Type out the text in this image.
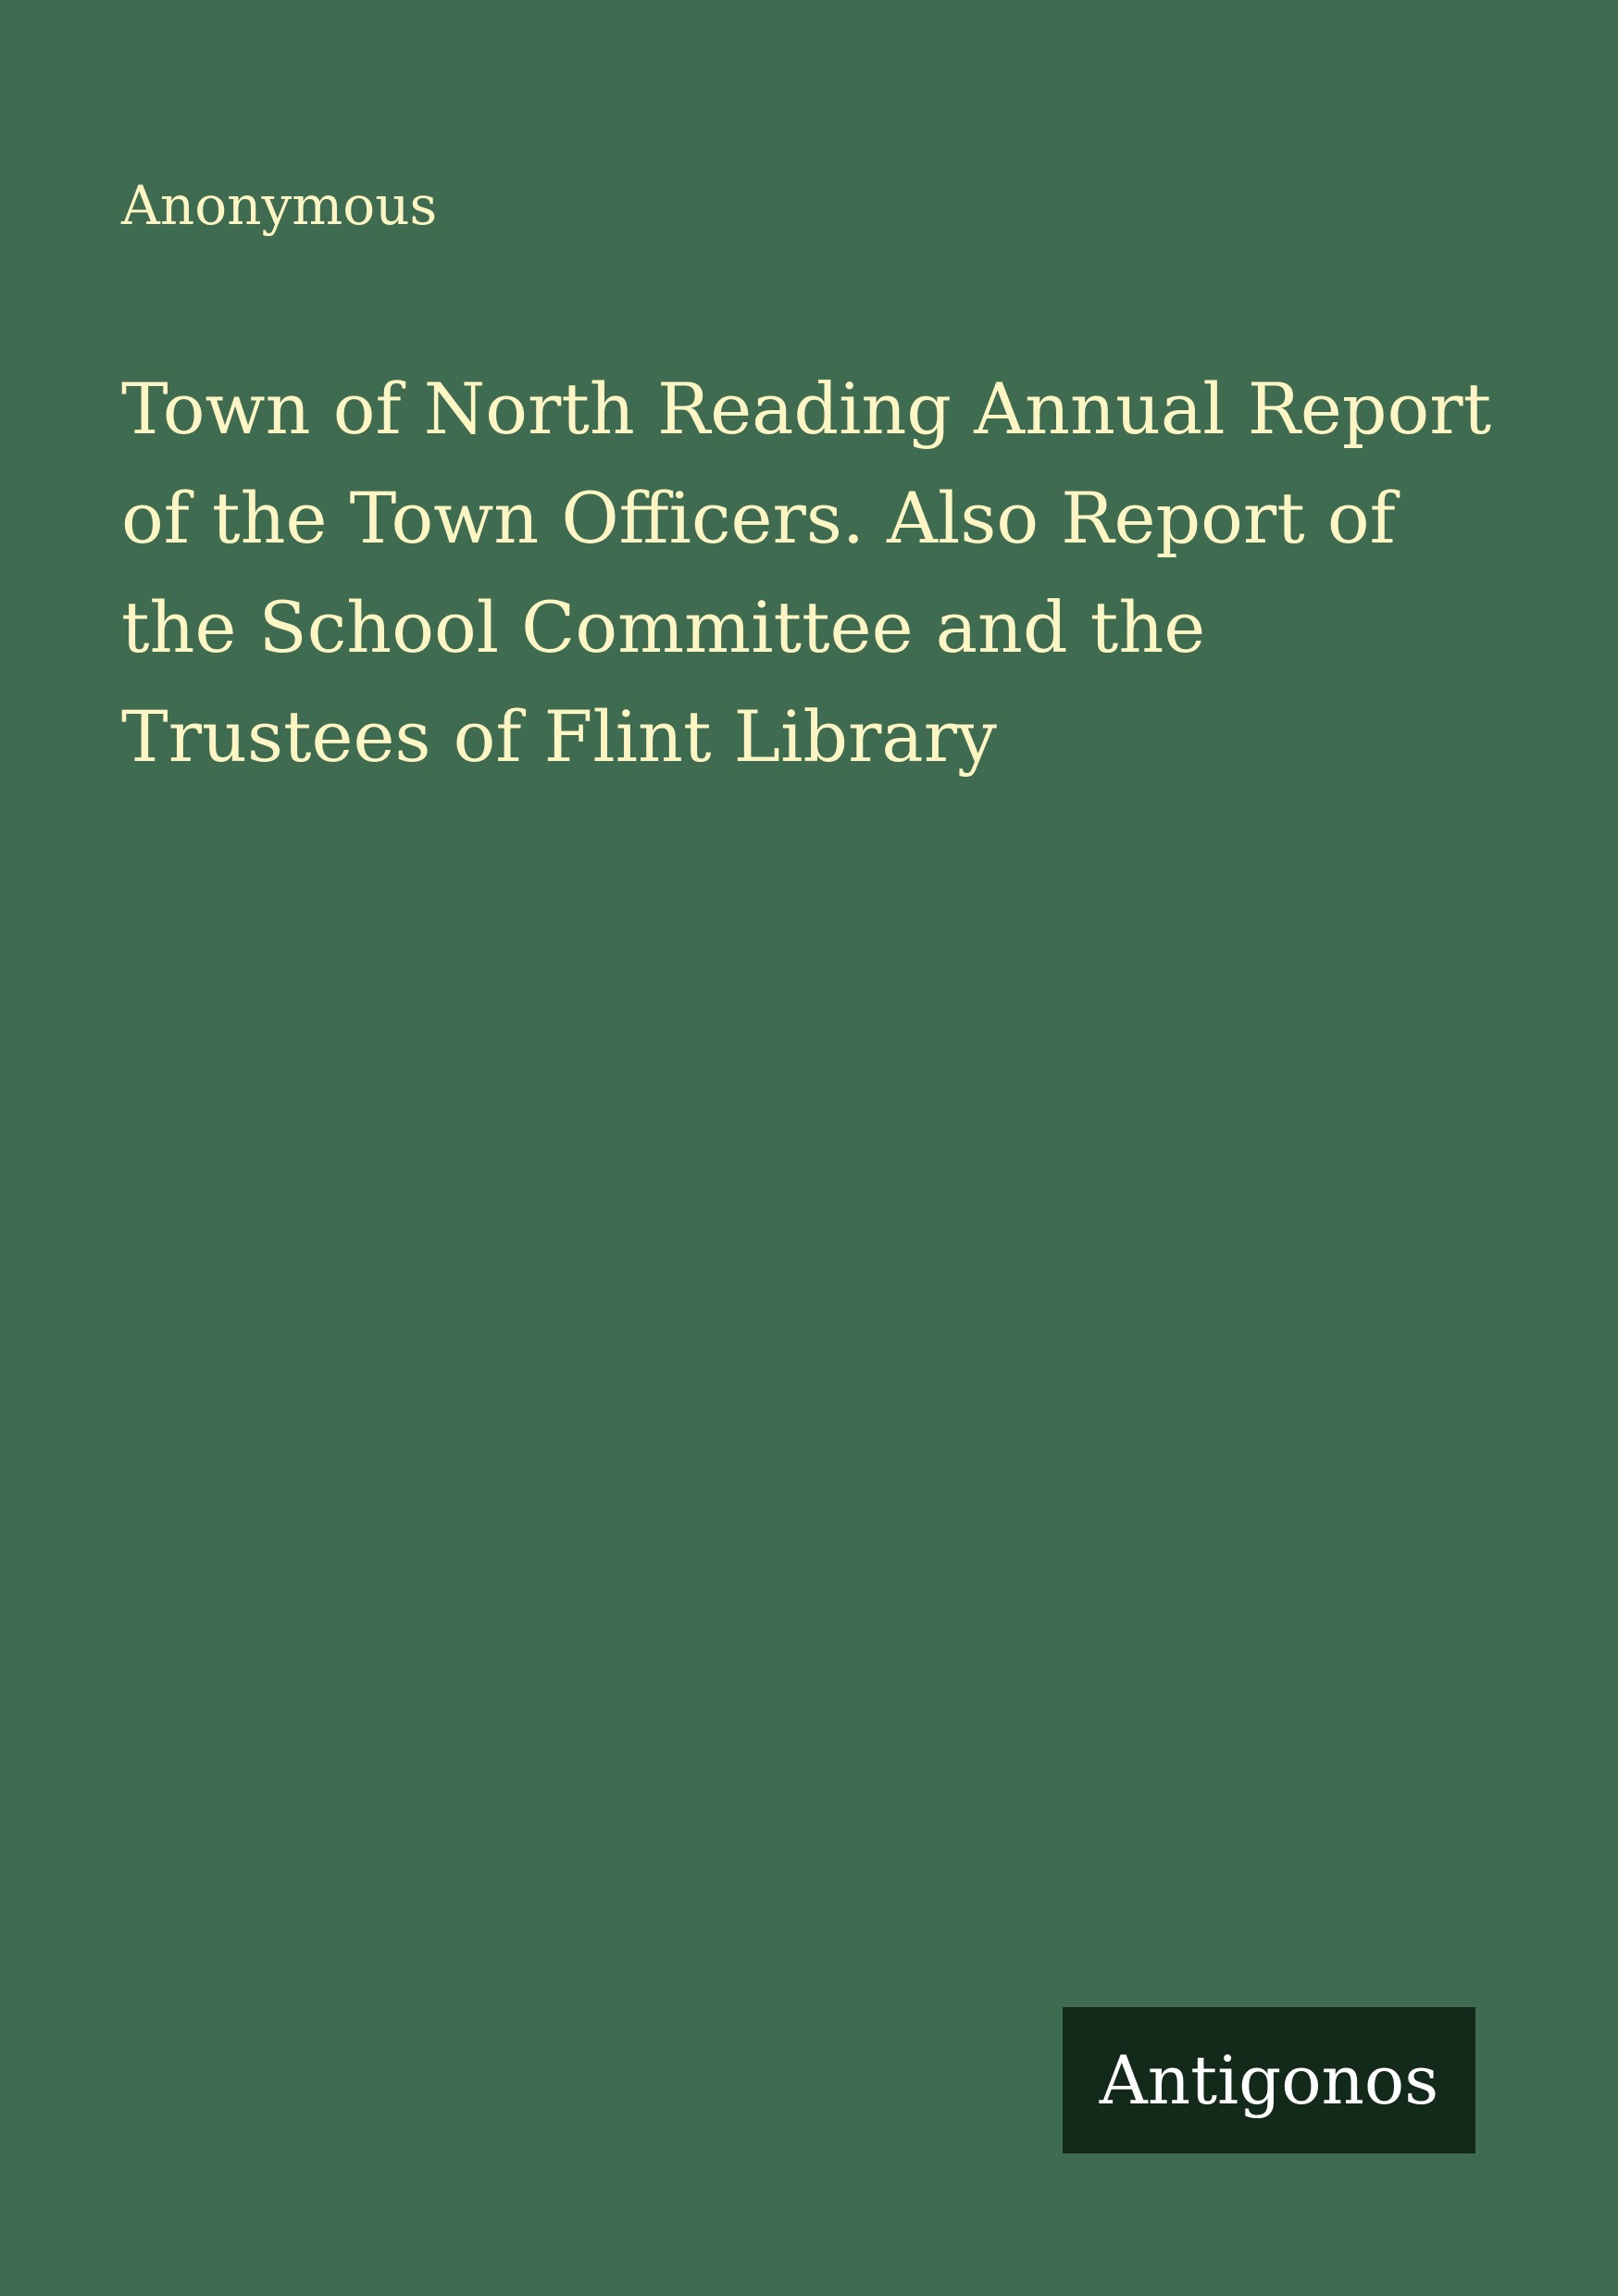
Anonymous
Town of North Reading Annual Report
of the Town Officers. Also Report of
the School Committee and the
Trustees of Flint Library
Antigonos
